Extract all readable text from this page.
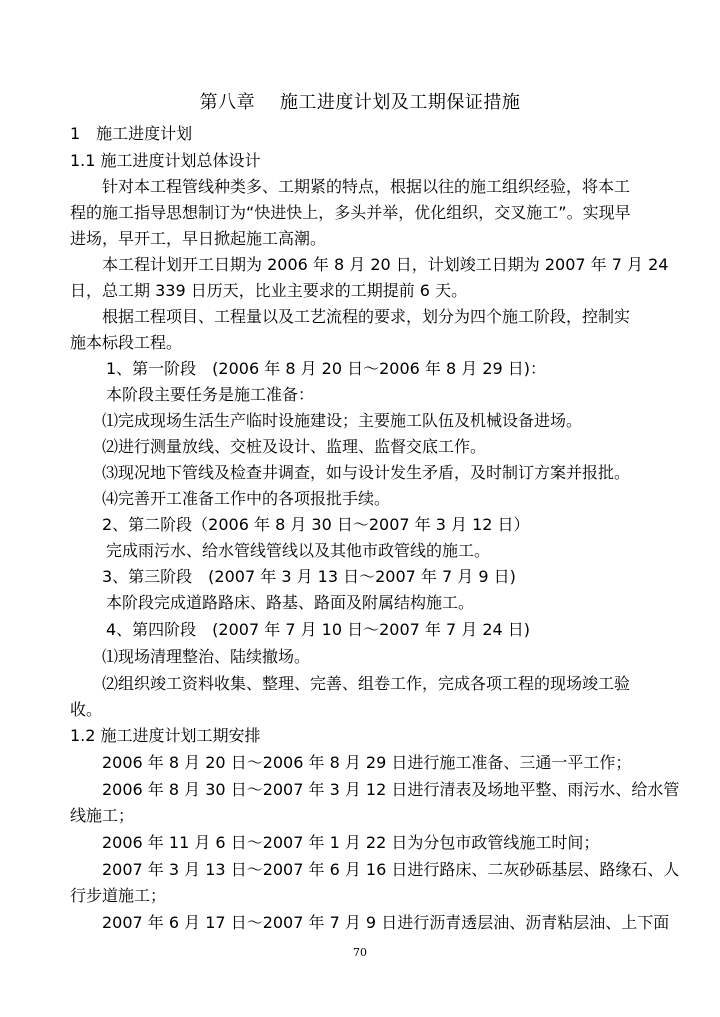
第八章　 施工进度计划及工期保证措施
1　施工进度计划
1.1 施工进度计划总体设计
针对本工程管线种类多、工期紧的特点，根据以往的施工组织经验，将本工
程的施工指导思想制订为“快进快上，多头并举，优化组织，交叉施工”。实现早
进场，早开工，早日掀起施工高潮。
本工程计划开工日期为 2006 年 8 月 20 日，计划竣工日期为 2007 年 7 月 24
日，总工期 339 日历天，比业主要求的工期提前 6 天。
根据工程项目、工程量以及工艺流程的要求，划分为四个施工阶段，控制实
施本标段工程。
1、第一阶段　(2006 年 8 月 20 日～2006 年 8 月 29 日)：
本阶段主要任务是施工准备：
⑴完成现场生活生产临时设施建设；主要施工队伍及机械设备进场。
⑵进行测量放线、交桩及设计、监理、监督交底工作。
⑶现况地下管线及检查井调查，如与设计发生矛盾，及时制订方案并报批。
⑷完善开工准备工作中的各项报批手续。
2、第二阶段（2006 年 8 月 30 日～2007 年 3 月 12 日）
完成雨污水、给水管线管线以及其他市政管线的施工。
3、第三阶段　(2007 年 3 月 13 日～2007 年 7 月 9 日)
本阶段完成道路路床、路基、路面及附属结构施工。
4、第四阶段　(2007 年 7 月 10 日～2007 年 7 月 24 日)
⑴现场清理整治、陆续撤场。
⑵组织竣工资料收集、整理、完善、组卷工作，完成各项工程的现场竣工验
收。
1.2 施工进度计划工期安排
2006 年 8 月 20 日～2006 年 8 月 29 日进行施工准备、三通一平工作；
2006 年 8 月 30 日～2007 年 3 月 12 日进行清表及场地平整、雨污水、给水管
线施工；
2006 年 11 月 6 日～2007 年 1 月 22 日为分包市政管线施工时间；
2007 年 3 月 13 日～2007 年 6 月 16 日进行路床、二灰砂砾基层、路缘石、人
行步道施工；
2007 年 6 月 17 日～2007 年 7 月 9 日进行沥青透层油、沥青粘层油、上下面
70
